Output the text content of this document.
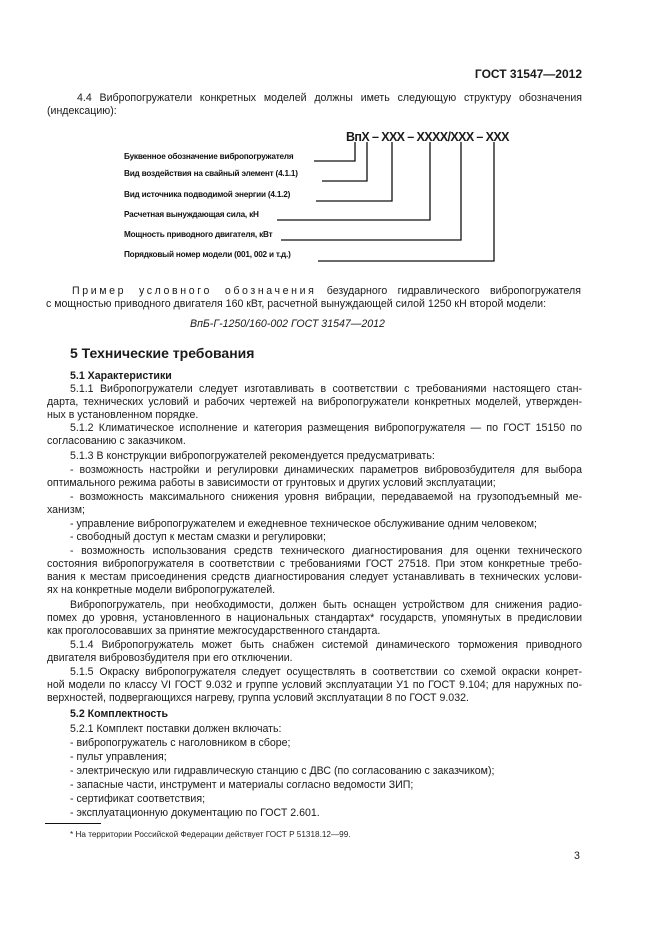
ГОСТ 31547—2012
4.4 Вибропогружатели конкретных моделей должны иметь следующую структуру обозначения
(индексацию):
ВпХ – ХХХ – ХХХХ/ХХХ – ХХХ
Буквенное обозначение вибропогружателя
Вид воздействия на свайный элемент (4.1.1)
Вид источника подводимой энергии (4.1.2)
Расчетная вынуждающая сила, кН
Мощность приводного двигателя, кВт
Порядковый номер модели (001, 002 и т.д.)
Пример условного обозначения безударного гидравлического вибропогружателя
с мощностью приводного двигателя 160 кВт, расчетной вынуждающей силой 1250 кН второй модели:
ВпБ-Г-1250/160-002 ГОСТ 31547—2012
5 Технические требования
5.1 Характеристики
5.1.1 Вибропогружатели следует изготавливать в соответствии с требованиями настоящего стан-
дарта, технических условий и рабочих чертежей на вибропогружатели конкретных моделей, утвержден-
ных в установленном порядке.
5.1.2 Климатическое исполнение и категория размещения вибропогружателя — по ГОСТ 15150 по
согласованию с заказчиком.
5.1.3 В конструкции вибропогружателей рекомендуется предусматривать:
- возможность настройки и регулировки динамических параметров вибровозбудителя для выбора
оптимального режима работы в зависимости от грунтовых и других условий эксплуатации;
- возможность максимального снижения уровня вибрации, передаваемой на грузоподъемный ме-
ханизм;
- управление вибропогружателем и ежедневное техническое обслуживание одним человеком;
- свободный доступ к местам смазки и регулировки;
- возможность использования средств технического диагностирования для оценки технического
состояния вибропогружателя в соответствии с требованиями ГОСТ 27518. При этом конкретные требо-
вания к местам присоединения средств диагностирования следует устанавливать в технических услови-
ях на конкретные модели вибропогружателей.
Вибропогружатель, при необходимости, должен быть оснащен устройством для снижения радио-
помех до уровня, установленного в национальных стандартах* государств, упомянутых в предисловии
как проголосовавших за принятие межгосударственного стандарта.
5.1.4 Вибропогружатель может быть снабжен системой динамического торможения приводного
двигателя вибровозбудителя при его отключении.
5.1.5 Окраску вибропогружателя следует осуществлять в соответствии со схемой окраски конрет-
ной модели по классу VI ГОСТ 9.032 и группе условий эксплуатации У1 по ГОСТ 9.104; для наружных по-
верхностей, подвергающихся нагреву, группа условий эксплуатации 8 по ГОСТ 9.032.
5.2 Комплектность
5.2.1 Комплект поставки должен включать:
- вибропогружатель с наголовником в сборе;
- пульт управления;
- электрическую или гидравлическую станцию с ДВС (по согласованию с заказчиком);
- запасные части, инструмент и материалы согласно ведомости ЗИП;
- сертификат соответствия;
- эксплуатационную документацию по ГОСТ 2.601.
* На территории Российской Федерации действует ГОСТ Р 51318.12—99.
3
